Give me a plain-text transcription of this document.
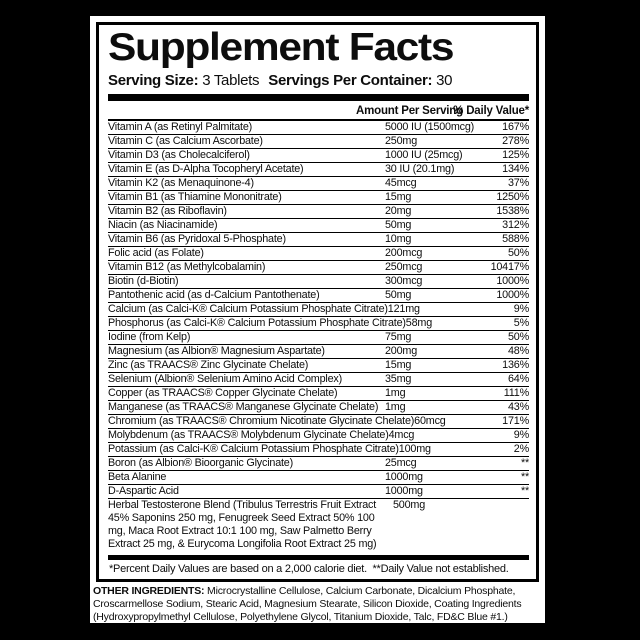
Supplement Facts
Serving Size: 3 Tablets Servings Per Container: 30
Amount Per Serving
% Daily Value*
Vitamin A (as Retinyl Palmitate)	5000 IU (1500mcg)	167%
Vitamin C (as Calcium Ascorbate)	250mg	278%
Vitamin D3 (as Cholecalciferol)	1000 IU (25mcg)	125%
Vitamin E (as D-Alpha Tocopheryl Acetate)	30 IU (20.1mg)	134%
Vitamin K2 (as Menaquinone-4)	45mcg	37%
Vitamin B1 (as Thiamine Mononitrate)	15mg	1250%
Vitamin B2 (as Riboflavin)	20mg	1538%
Niacin (as Niacinamide)	50mg	312%
Vitamin B6 (as Pyridoxal 5-Phosphate)	10mg	588%
Folic acid (as Folate)	200mcg	50%
Vitamin B12 (as Methylcobalamin)	250mcg	10417%
Biotin (d-Biotin)	300mcg	1000%
Pantothenic acid (as d-Calcium Pantothenate)	50mg	1000%
Calcium (as Calci-K® Calcium Potassium Phosphate Citrate)121mg	9%
Phosphorus (as Calci-K® Calcium Potassium Phosphate Citrate)58mg	5%
Iodine (from Kelp)	75mg	50%
Magnesium (as Albion® Magnesium Aspartate)	200mg	48%
Zinc (as TRAACS® Zinc Glycinate Chelate)	15mg	136%
Selenium (Albion® Selenium Amino Acid Complex)	35mg	64%
Copper (as TRAACS® Copper Glycinate Chelate)	1mg	111%
Manganese (as TRAACS® Manganese Glycinate Chelate) 1mg	43%
Chromium (as TRAACS® Chromium Nicotinate Glycinate Chelate)60mcg	171%
Molybdenum (as TRAACS® Molybdenum Glycinate Chelate)4mcg	9%
Potassium (as Calci-K® Calcium Potassium Phosphate Citrate)100mg	2%
Boron (as Albion® Bioorganic Glycinate)	25mcg	**
Beta Alanine	1000mg	**
D-Aspartic Acid	1000mg	**
Herbal Testosterone Blend (Tribulus Terrestris Fruit Extract 45% Saponins 250 mg, Fenugreek Seed Extract 50% 100 mg, Maca Root Extract 10:1 100 mg, Saw Palmetto Berry Extract 25 mg, & Eurycoma Longifolia Root Extract 25 mg)500mg
*Percent Daily Values are based on a 2,000 calorie diet.  **Daily Value not established.
OTHER INGREDIENTS: Microcrystalline Cellulose, Calcium Carbonate, Dicalcium Phosphate, Croscarmellose Sodium, Stearic Acid, Magnesium Stearate, Silicon Dioxide, Coating Ingredients (Hydroxypropylmethyl Cellulose, Polyethylene Glycol, Titanium Dioxide, Talc, FD&C Blue #1.)
